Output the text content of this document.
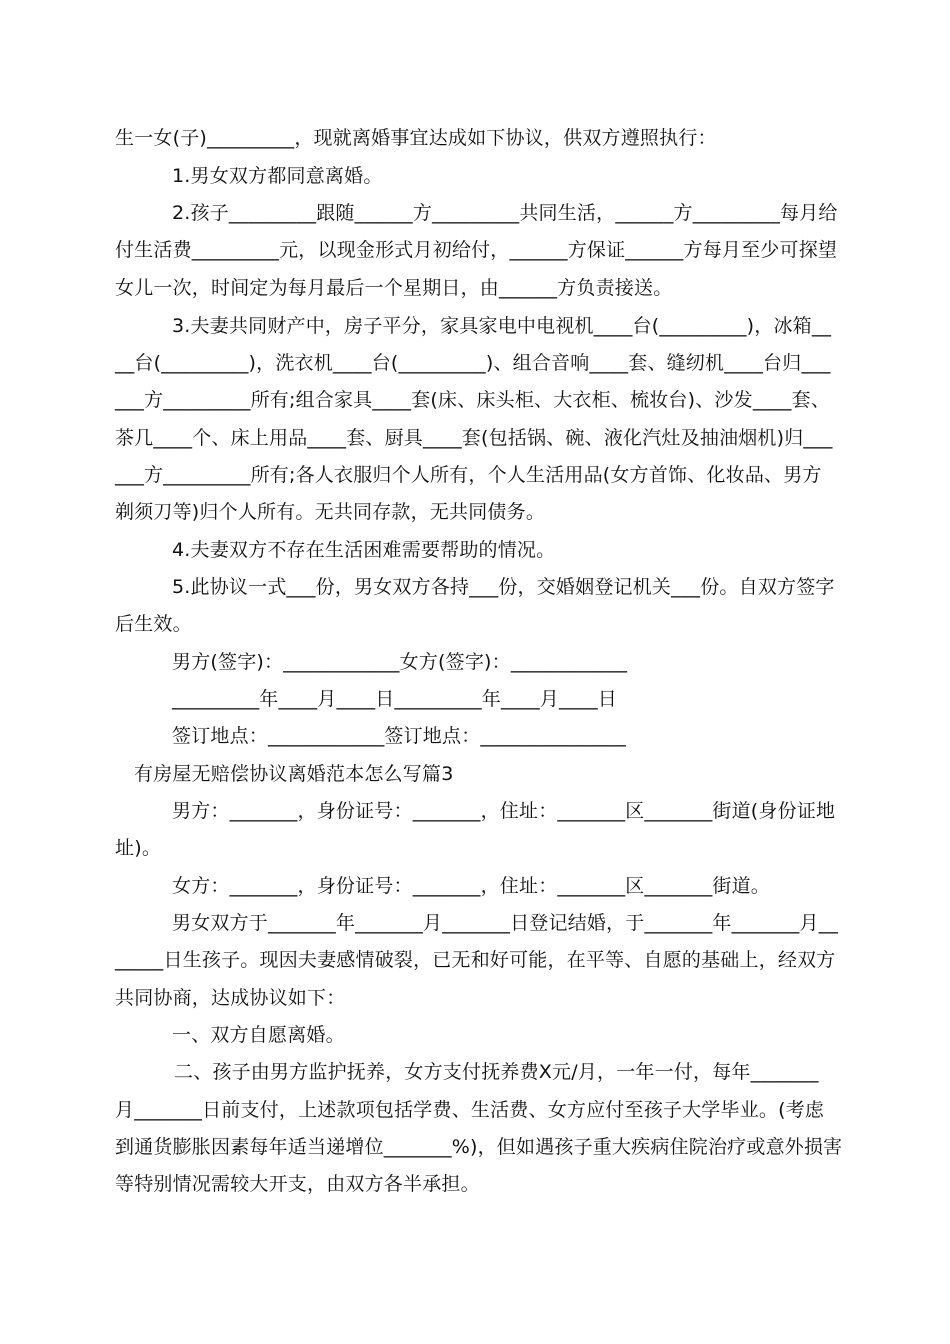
生一女(子)_________，现就离婚事宜达成如下协议，供双方遵照执行：
1.男女双方都同意离婚。
2.孩子_________跟随______方_________共同生活，______方_________每月给
付生活费_________元，以现金形式月初给付，______方保证______方每月至少可探望
女儿一次，时间定为每月最后一个星期日，由______方负责接送。
3.夫妻共同财产中，房子平分，家具家电中电视机____台(_________)，冰箱__
__台(_________)，洗衣机____台(_________)、组合音响____套、缝纫机____台归___
___方_________所有;组合家具____套(床、床头柜、大衣柜、梳妆台)、沙发____套、
茶几____个、床上用品____套、厨具____套(包括锅、碗、液化汽灶及抽油烟机)归___
___方_________所有;各人衣服归个人所有，个人生活用品(女方首饰、化妆品、男方
剃须刀等)归个人所有。无共同存款，无共同债务。
4.夫妻双方不存在生活困难需要帮助的情况。
5.此协议一式___份，男女双方各持___份，交婚姻登记机关___份。自双方签字
后生效。
男方(签字)：____________女方(签字)：____________
_________年____月____日_________年____月____日
签订地点：____________签订地点：_______________
有房屋无赔偿协议离婚范本怎么写篇3
男方：_______，身份证号：_______，住址：_______区_______街道(身份证地
址)。
女方：_______，身份证号：_______，住址：_______区_______街道。
男女双方于_______年_______月_______日登记结婚，于_______年_______月__
_____日生孩子。现因夫妻感情破裂，已无和好可能，在平等、自愿的基础上，经双方
共同协商，达成协议如下：
一、双方自愿离婚。
二、孩子由男方监护抚养，女方支付抚养费X元/月，一年一付，每年_______
月_______日前支付，上述款项包括学费、生活费、女方应付至孩子大学毕业。(考虑
到通货膨胀因素每年适当递增位_______%)，但如遇孩子重大疾病住院治疗或意外损害
等特别情况需较大开支，由双方各半承担。
